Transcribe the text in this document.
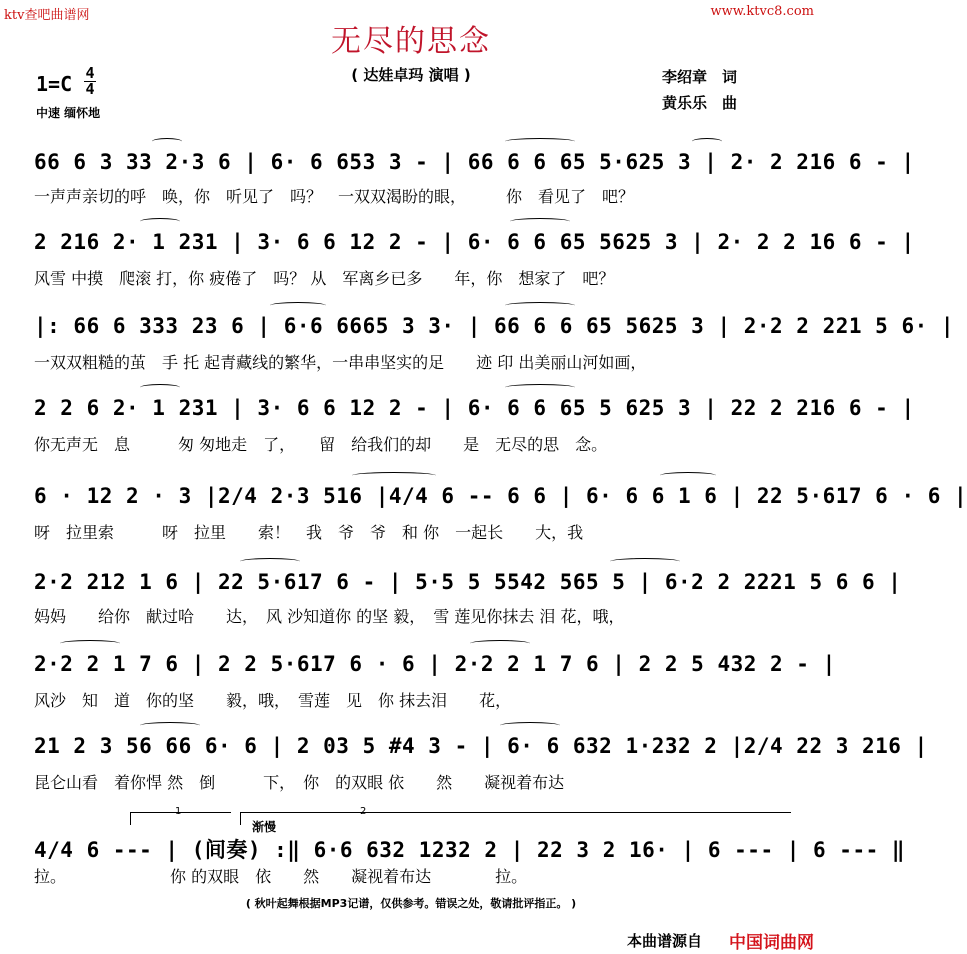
ktv查吧曲谱网	www.ktvc8.com
无尽的思念
( 达娃卓玛 演唱 )	李绍章　词
黄乐乐　曲
1=C 4
4
中速 缅怀地
66 6 3 33 2·3 6 | 6· 6 653 3 - | 66 6 6 65 5·625 3 | 2· 2 216 6 - |
一声声亲切的呼　唤，你　听见了　吗？　一双双渴盼的眼，　　　你　看见了　吧？
2 216 2· 1 231 | 3· 6 6 12 2 - | 6· 6 6 65 5625 3 | 2· 2 2 16 6 - |
风雪 中摸　爬滚 打，你 疲倦了　吗？ 从　军离乡已多　　年，你　想家了　吧？
|: 66 6 333 23 6 | 6·6 6665 3 3· | 66 6 6 65 5625 3 | 2·2 2 221 5 6· |
一双双粗糙的茧　手 托 起青藏线的繁华，一串串坚实的足　　迹 印 出美丽山河如画，
2 2 6 2· 1 231 | 3· 6 6 12 2 - | 6· 6 6 65 5 625 3 | 22 2 216 6 - |
你无声无　息　　　匆 匆地走　了，　　留　给我们的却　　是　无尽的思　念。
6 · 12 2 · 3 |2/4 2·3 516 |4/4 6 -- 6 6 | 6· 6 6 1 6 | 22 5·617 6 · 6 |
呀　拉里索　　　呀　拉里　　索！　我　爷　爷　和 你　一起长　　大，我
2·2 212 1 6 | 22 5·617 6 - | 5·5 5 5542 565 5 | 6·2 2 2221 5 6 6 |
妈妈　　给你　献过哈　　达，　风 沙知道你 的坚 毅，　雪 莲见你抹去 泪 花，哦，
2·2 2 1 7 6 | 2 2 5·617 6 · 6 | 2·2 2 1 7 6 | 2 2 5 432 2 - |
风沙　知　道　你的坚　　毅，哦，　雪莲　见　你 抹去泪　　花，
21 2 3 56 66 6· 6 | 2 03 5 #4 3 - | 6· 6 632 1·232 2 |2/4 22 3 216 |
昆仑山看　着你悍 然　倒　　　下，　你　的双眼 依　　然　　凝视着布达
1	2
渐慢
4/4 6 --- | (间奏) :‖ 6·6 632 1232 2 | 22 3 2 16· | 6 --- | 6 --- ‖
拉。　　　　　　　你 的双眼　依　　然　　凝视着布达　　　　拉。
( 秋叶起舞根据MP3记谱，仅供参考。错误之处，敬请批评指正。 )
本曲谱源自 中国词曲网
